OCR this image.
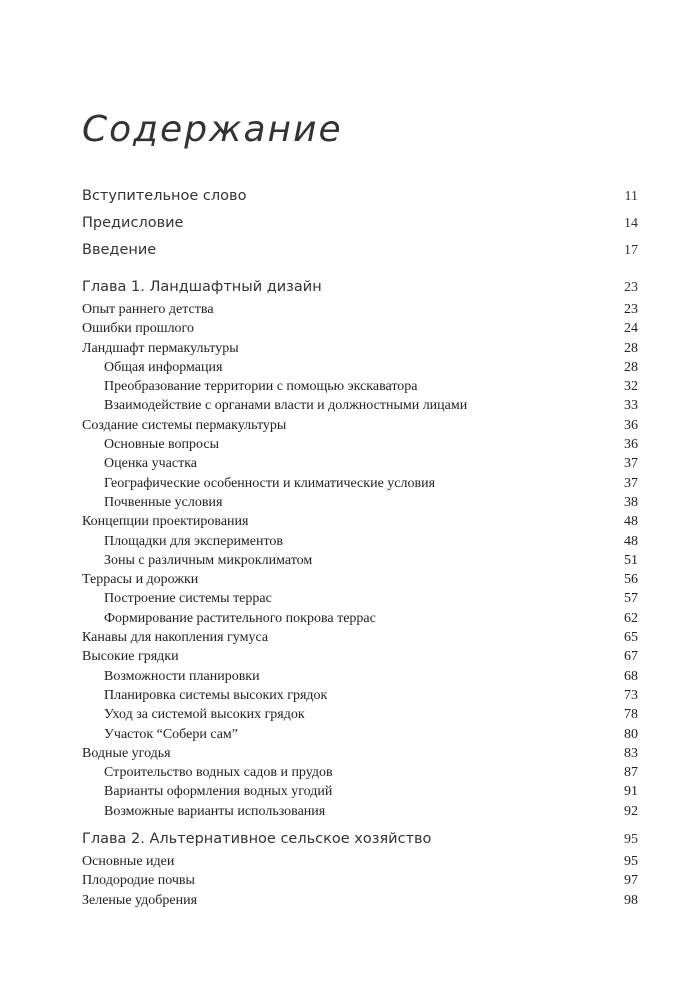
Содержание
Вступительное слово	11
Предисловие	14
Введение	17
Глава 1. Ландшафтный дизайн	23
Опыт раннего детства	23
Ошибки прошлого	24
Ландшафт пермакультуры	28
Общая информация	28
Преобразование территории с помощью экскаватора	32
Взаимодействие с органами власти и должностными лицами	33
Создание системы пермакультуры	36
Основные вопросы	36
Оценка участка	37
Географические особенности и климатические условия	37
Почвенные условия	38
Концепции проектирования	48
Площадки для экспериментов	48
Зоны с различным микроклиматом	51
Террасы и дорожки	56
Построение системы террас	57
Формирование растительного покрова террас	62
Канавы для накопления гумуса	65
Высокие грядки	67
Возможности планировки	68
Планировка системы высоких грядок	73
Уход за системой высоких грядок	78
Участок “Собери сам”	80
Водные угодья	83
Строительство водных садов и прудов	87
Варианты оформления водных угодий	91
Возможные варианты использования	92
Глава 2. Альтернативное сельское хозяйство	95
Основные идеи	95
Плодородие почвы	97
Зеленые удобрения	98
